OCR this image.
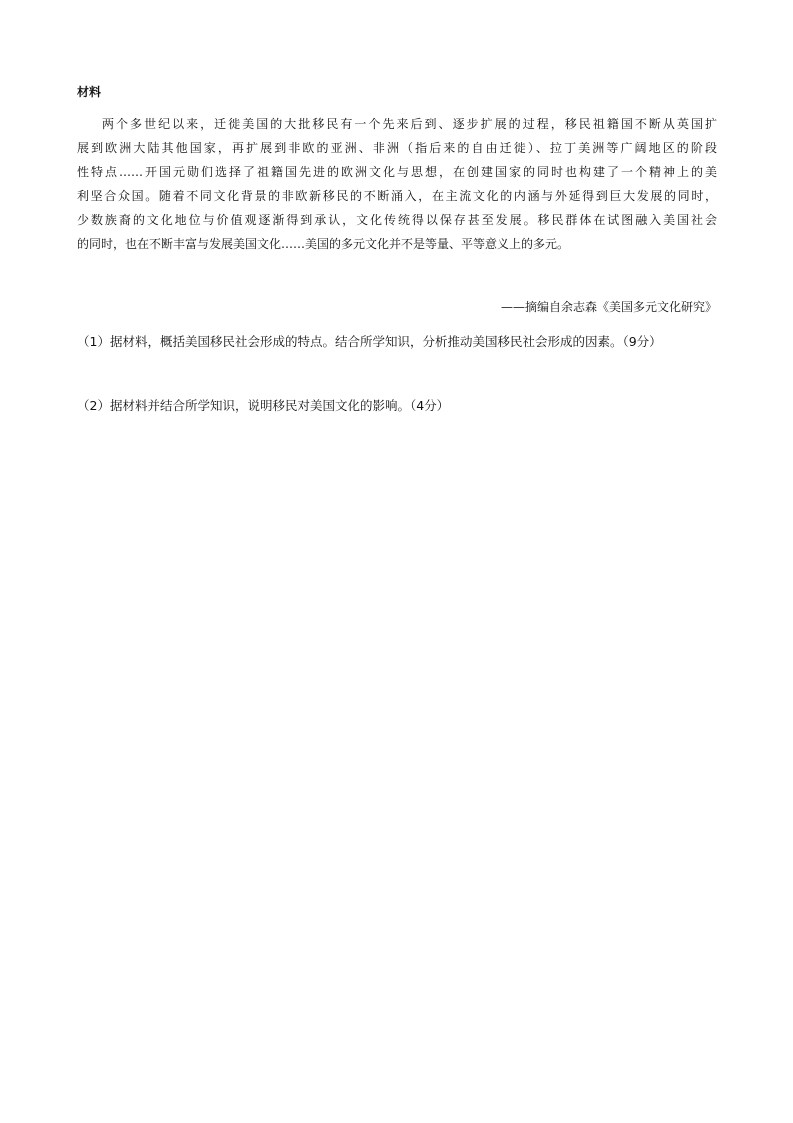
材料
两个多世纪以来，迁徙美国的大批移民有一个先来后到、逐步扩展的过程，移民祖籍国不断从英国扩
展到欧洲大陆其他国家，再扩展到非欧的亚洲、非洲（指后来的自由迁徙）、拉丁美洲等广阔地区的阶段
性特点……开国元勋们选择了祖籍国先进的欧洲文化与思想，在创建国家的同时也构建了一个精神上的美
利坚合众国。随着不同文化背景的非欧新移民的不断涌入，在主流文化的内涵与外延得到巨大发展的同时，
少数族裔的文化地位与价值观逐渐得到承认，文化传统得以保存甚至发展。移民群体在试图融入美国社会
的同时，也在不断丰富与发展美国文化……美国的多元文化并不是等量、平等意义上的多元。
——摘编自余志森《美国多元文化研究》
（1）据材料，概括美国移民社会形成的特点。结合所学知识，分析推动美国移民社会形成的因素。（9分）
（2）据材料并结合所学知识，说明移民对美国文化的影响。（4分）
